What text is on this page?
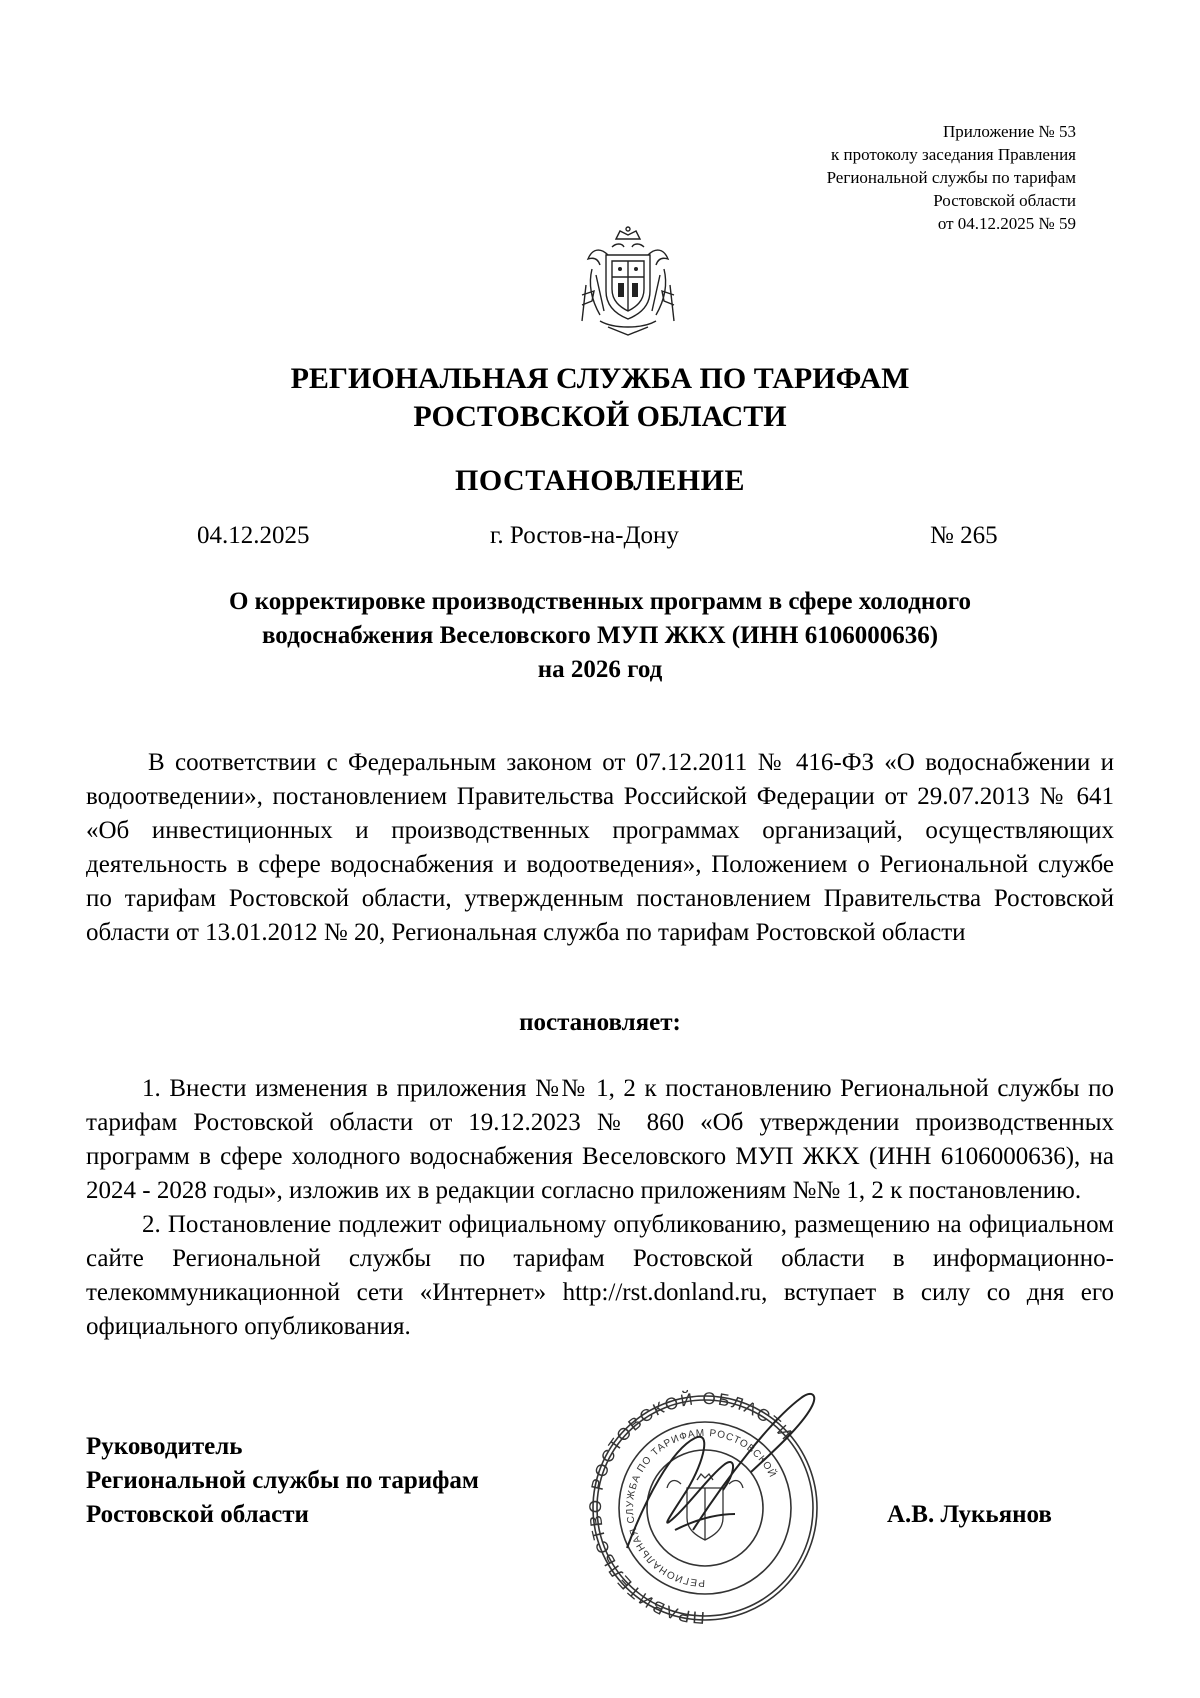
Приложение № 53
к протоколу заседания Правления
Региональной службы по тарифам
Ростовской области
от 04.12.2025 № 59
РЕГИОНАЛЬНАЯ СЛУЖБА ПО ТАРИФАМ
РОСТОВСКОЙ ОБЛАСТИ
ПОСТАНОВЛЕНИЕ
04.12.2025	г. Ростов-на-Дону	№ 265
О корректировке производственных программ в сфере холодного
водоснабжения Веселовского МУП ЖКХ (ИНН 6106000636)
на 2026 год
В соответствии с Федеральным законом от 07.12.2011 № 416-ФЗ «О водоснабжении и водоотведении», постановлением Правительства Российской Федерации от 29.07.2013 № 641 «Об инвестиционных и производственных программах организаций, осуществляющих деятельность в сфере водоснабжения и водоотведения», Положением о Региональной службе по тарифам Ростовской области, утвержденным постановлением Правительства Ростовской области от 13.01.2012 № 20, Региональная служба по тарифам Ростовской области
постановляет:

1. Внести изменения в приложения №№ 1, 2 к постановлению Региональной службы по тарифам Ростовской области от 19.12.2023 № 860 «Об утверждении производственных программ в сфере холодного водоснабжения Веселовского МУП ЖКХ (ИНН 6106000636), на 2024 - 2028 годы», изложив их в редакции согласно приложениям №№ 1, 2 к постановлению.

2. Постановление подлежит официальному опубликованию, размещению на официальном сайте Региональной службы по тарифам Ростовской области в информационно-телекоммуникационной сети «Интернет» http://rst.donland.ru, вступает в силу со дня его официального опубликования.

Руководитель
Региональной службы по тарифам
Ростовской области
ПРАВИТЕЛЬСТВО РОСТОВСКОЙ ОБЛАСТИ
РЕГИОНАЛЬНАЯ СЛУЖБА ПО ТАРИФАМ РОСТОВСКОЙ
А.В. Лукьянов
